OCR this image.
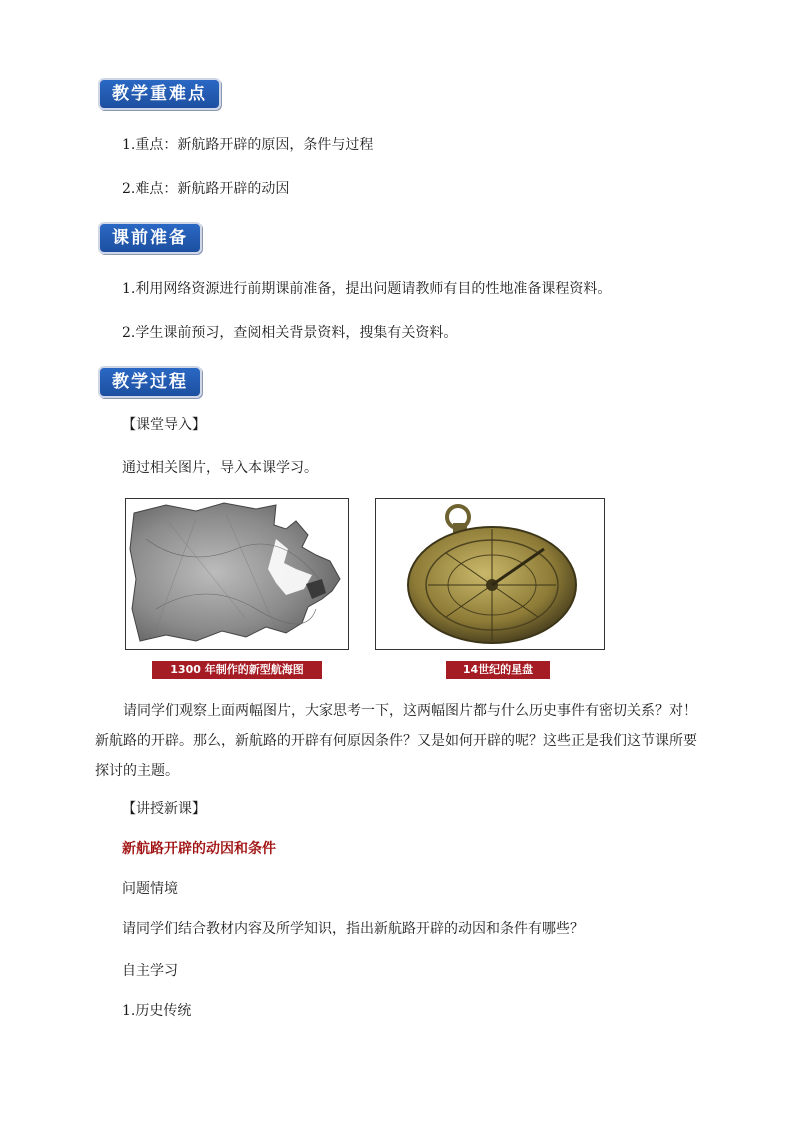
教学重难点
1.重点：新航路开辟的原因，条件与过程
2.难点：新航路开辟的动因
课前准备
1.利用网络资源进行前期课前准备，提出问题请教师有目的性地准备课程资料。
2.学生课前预习，查阅相关背景资料，搜集有关资料。
教学过程
【课堂导入】
通过相关图片，导入本课学习。
1300 年制作的新型航海图	14世纪的星盘
请同学们观察上面两幅图片，大家思考一下，这两幅图片都与什么历史事件有密切关系？对！新航路的开辟。那么，新航路的开辟有何原因条件？又是如何开辟的呢？这些正是我们这节课所要探讨的主题。
【讲授新课】
新航路开辟的动因和条件
问题情境
请同学们结合教材内容及所学知识，指出新航路开辟的动因和条件有哪些？
自主学习
1.历史传统
